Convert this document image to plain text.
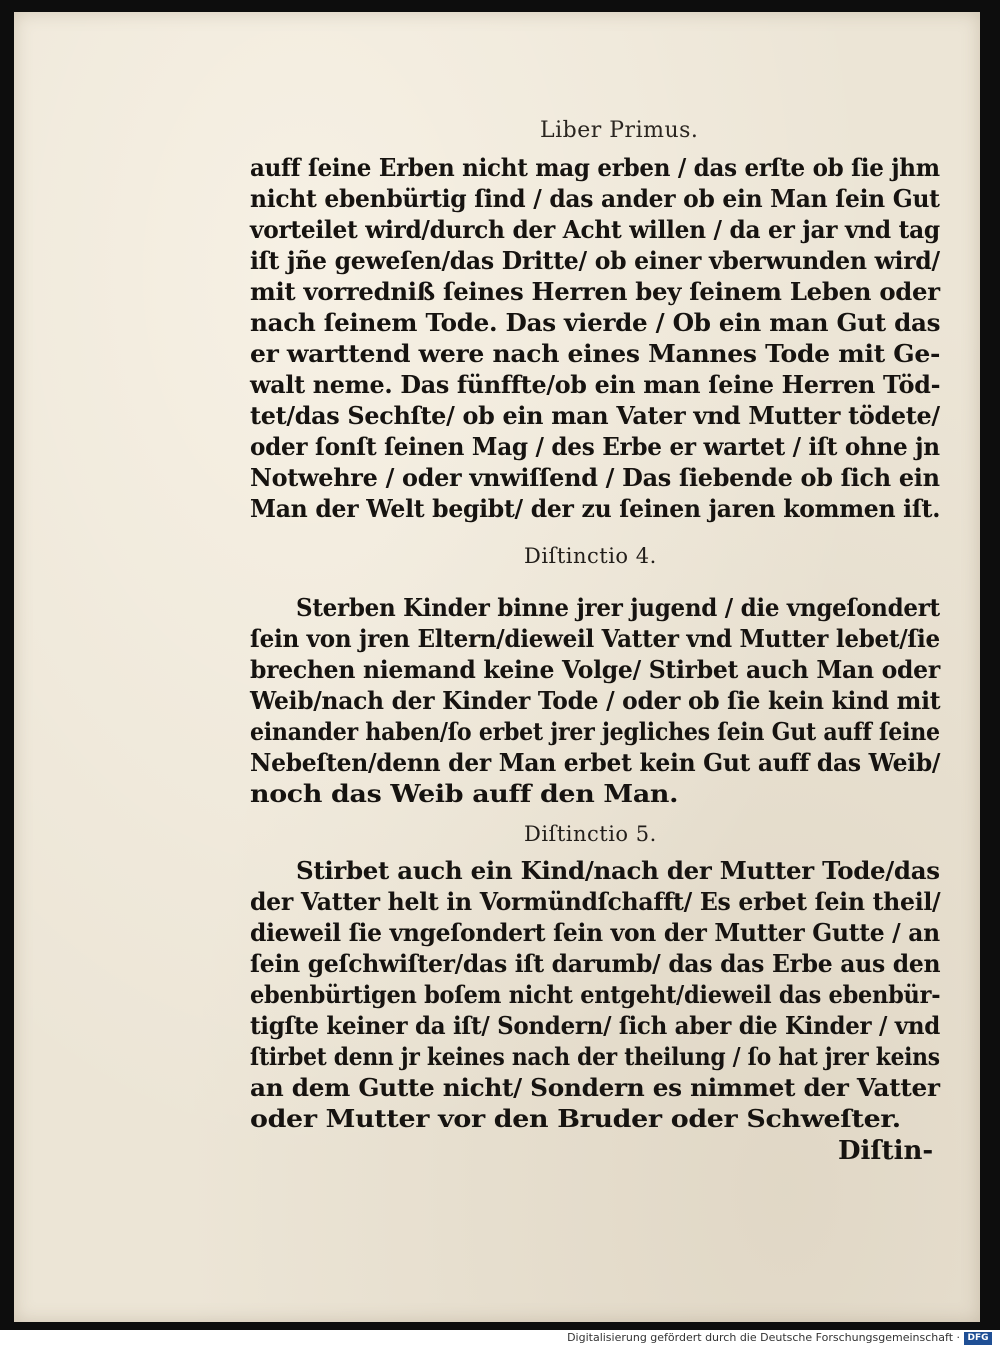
Liber Primus.
auff ſeine Erben nicht mag erben / das erſte ob ſie jhm
nicht ebenbürtig ſind / das ander ob ein Man ſein Gut
vorteilet wird/durch der Acht willen / da er jar vnd tag
iſt jñe geweſen/das Dritte/ ob einer vberwunden wird/
mit vorredniß ſeines Herren bey ſeinem Leben oder
nach ſeinem Tode. Das vierde / Ob ein man Gut das
er warttend were nach eines Mannes Tode mit Ge-
walt neme. Das fünffte/ob ein man ſeine Herren Töd-
tet/das Sechſte/ ob ein man Vater vnd Mutter tödete/
oder ſonſt ſeinen Mag / des Erbe er wartet / iſt ohne jn
Notwehre / oder vnwiſſend / Das ſiebende ob ſich ein
Man der Welt begibt/ der zu ſeinen jaren kommen iſt.
Diſtinctio 4.
Sterben Kinder binne jrer jugend / die vngeſondert
ſein von jren Eltern/dieweil Vatter vnd Mutter lebet/ſie
brechen niemand keine Volge/ Stirbet auch Man oder
Weib/nach der Kinder Tode / oder ob ſie kein kind mit
einander haben/ſo erbet jrer jegliches ſein Gut auff ſeine
Nebeſten/denn der Man erbet kein Gut auff das Weib/
noch das Weib auff den Man.
Diſtinctio 5.
Stirbet auch ein Kind/nach der Mutter Tode/das
der Vatter helt in Vormündſchafft/ Es erbet ſein theil/
dieweil ſie vngeſondert ſein von der Mutter Gutte / an
ſein geſchwiſter/das iſt darumb/ das das Erbe aus den
ebenbürtigen boſem nicht entgeht/dieweil das ebenbür-
tigſte keiner da iſt/ Sondern/ ſich aber die Kinder / vnd
ſtirbet denn jr keines nach der theilung / ſo hat jrer keins
an dem Gutte nicht/ Sondern es nimmet der Vatter
oder Mutter vor den Bruder oder Schweſter.
Diſtin-
Digitalisierung gefördert durch die Deutsche Forschungsgemeinschaft · DFG
